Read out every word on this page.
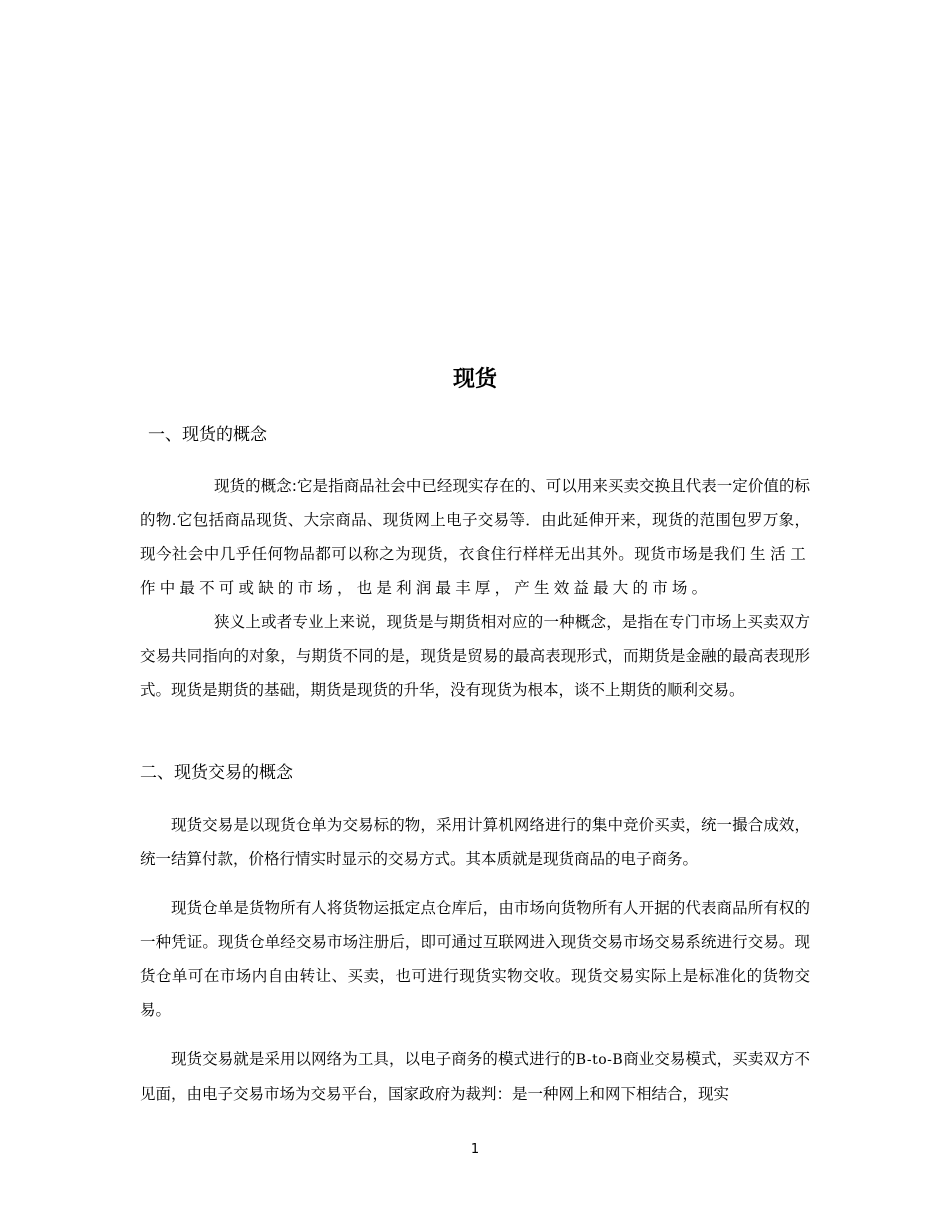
现货
一、现货的概念
现货的概念:它是指商品社会中已经现实存在的、可以用来买卖交换且代表一定价值的标的物.它包括商品现货、大宗商品、现货网上电子交易等．由此延伸开来，现货的范围包罗万象，现今社会中几乎任何物品都可以称之为现货，衣食住行样样无出其外。现货市场是我们生活工作中最不可或缺的市场，也是利润最丰厚，产生效益最大的市场。
狭义上或者专业上来说，现货是与期货相对应的一种概念，是指在专门市场上买卖双方交易共同指向的对象，与期货不同的是，现货是贸易的最高表现形式，而期货是金融的最高表现形式。现货是期货的基础，期货是现货的升华，没有现货为根本，谈不上期货的顺利交易。
二、现货交易的概念
现货交易是以现货仓单为交易标的物，采用计算机网络进行的集中竞价买卖，统一撮合成效，统一结算付款，价格行情实时显示的交易方式。其本质就是现货商品的电子商务。
现货仓单是货物所有人将货物运抵定点仓库后，由市场向货物所有人开据的代表商品所有权的一种凭证。现货仓单经交易市场注册后，即可通过互联网进入现货交易市场交易系统进行交易。现货仓单可在市场内自由转让、买卖，也可进行现货实物交收。现货交易实际上是标准化的货物交易。
现货交易就是采用以网络为工具，以电子商务的模式进行的B-to-B商业交易模式，买卖双方不见面，由电子交易市场为交易平台，国家政府为裁判：是一种网上和网下相结合，现实
1
